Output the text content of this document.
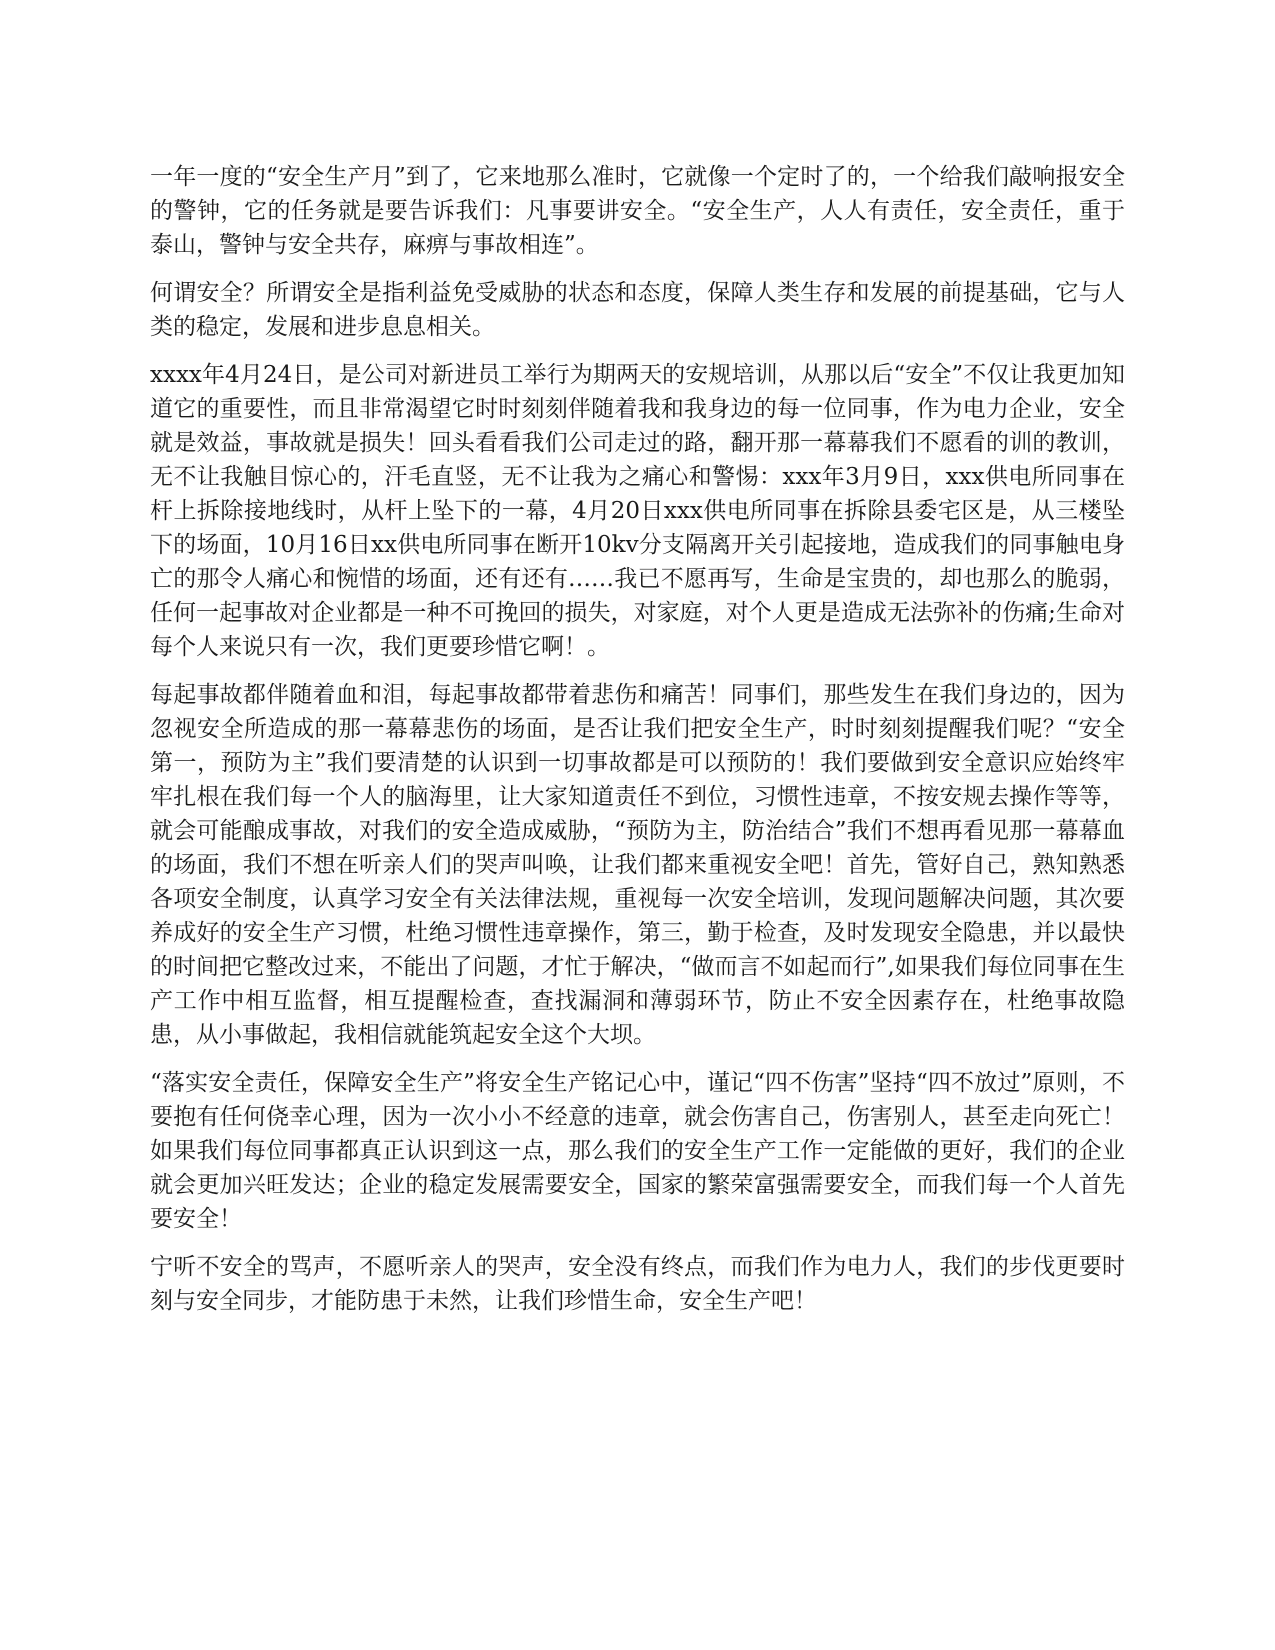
一年一度的“安全生产月”到了，它来地那么准时，它就像一个定时了的，一个给我们敲响报安全的警钟，它的任务就是要告诉我们：凡事要讲安全。“安全生产，人人有责任，安全责任，重于泰山，警钟与安全共存，麻痹与事故相连”。

何谓安全？所谓安全是指利益免受威胁的状态和态度，保障人类生存和发展的前提基础，它与人类的稳定，发展和进步息息相关。

xxxx年4月24日，是公司对新进员工举行为期两天的安规培训，从那以后“安全”不仅让我更加知道它的重要性，而且非常渴望它时时刻刻伴随着我和我身边的每一位同事，作为电力企业，安全就是效益，事故就是损失！回头看看我们公司走过的路，翻开那一幕幕我们不愿看的训的教训，无不让我触目惊心的，汗毛直竖，无不让我为之痛心和警惕：xxx年3月9日，xxx供电所同事在杆上拆除接地线时，从杆上坠下的一幕，4月20日xxx供电所同事在拆除县委宅区是，从三楼坠下的场面，10月16日xx供电所同事在断开10kv分支隔离开关引起接地，造成我们的同事触电身亡的那令人痛心和惋惜的场面，还有还有……我已不愿再写，生命是宝贵的，却也那么的脆弱，任何一起事故对企业都是一种不可挽回的损失，对家庭，对个人更是造成无法弥补的伤痛;生命对每个人来说只有一次，我们更要珍惜它啊！。

每起事故都伴随着血和泪，每起事故都带着悲伤和痛苦！同事们，那些发生在我们身边的，因为忽视安全所造成的那一幕幕悲伤的场面，是否让我们把安全生产，时时刻刻提醒我们呢？“安全第一，预防为主”我们要清楚的认识到一切事故都是可以预防的！我们要做到安全意识应始终牢牢扎根在我们每一个人的脑海里，让大家知道责任不到位，习惯性违章，不按安规去操作等等，就会可能酿成事故，对我们的安全造成威胁，“预防为主，防治结合”我们不想再看见那一幕幕血的场面，我们不想在听亲人们的哭声叫唤，让我们都来重视安全吧！首先，管好自己，熟知熟悉各项安全制度，认真学习安全有关法律法规，重视每一次安全培训，发现问题解决问题，其次要养成好的安全生产习惯，杜绝习惯性违章操作，第三，勤于检查，及时发现安全隐患，并以最快的时间把它整改过来，不能出了问题，才忙于解决，“做而言不如起而行”,如果我们每位同事在生产工作中相互监督，相互提醒检查，查找漏洞和薄弱环节，防止不安全因素存在，杜绝事故隐患，从小事做起，我相信就能筑起安全这个大坝。

“落实安全责任，保障安全生产”将安全生产铭记心中，谨记“四不伤害”坚持“四不放过”原则，不要抱有任何侥幸心理，因为一次小小不经意的违章，就会伤害自己，伤害别人，甚至走向死亡！如果我们每位同事都真正认识到这一点，那么我们的安全生产工作一定能做的更好，我们的企业就会更加兴旺发达；企业的稳定发展需要安全，国家的繁荣富强需要安全，而我们每一个人首先要安全！

宁听不安全的骂声，不愿听亲人的哭声，安全没有终点，而我们作为电力人，我们的步伐更要时刻与安全同步，才能防患于未然，让我们珍惜生命，安全生产吧！
